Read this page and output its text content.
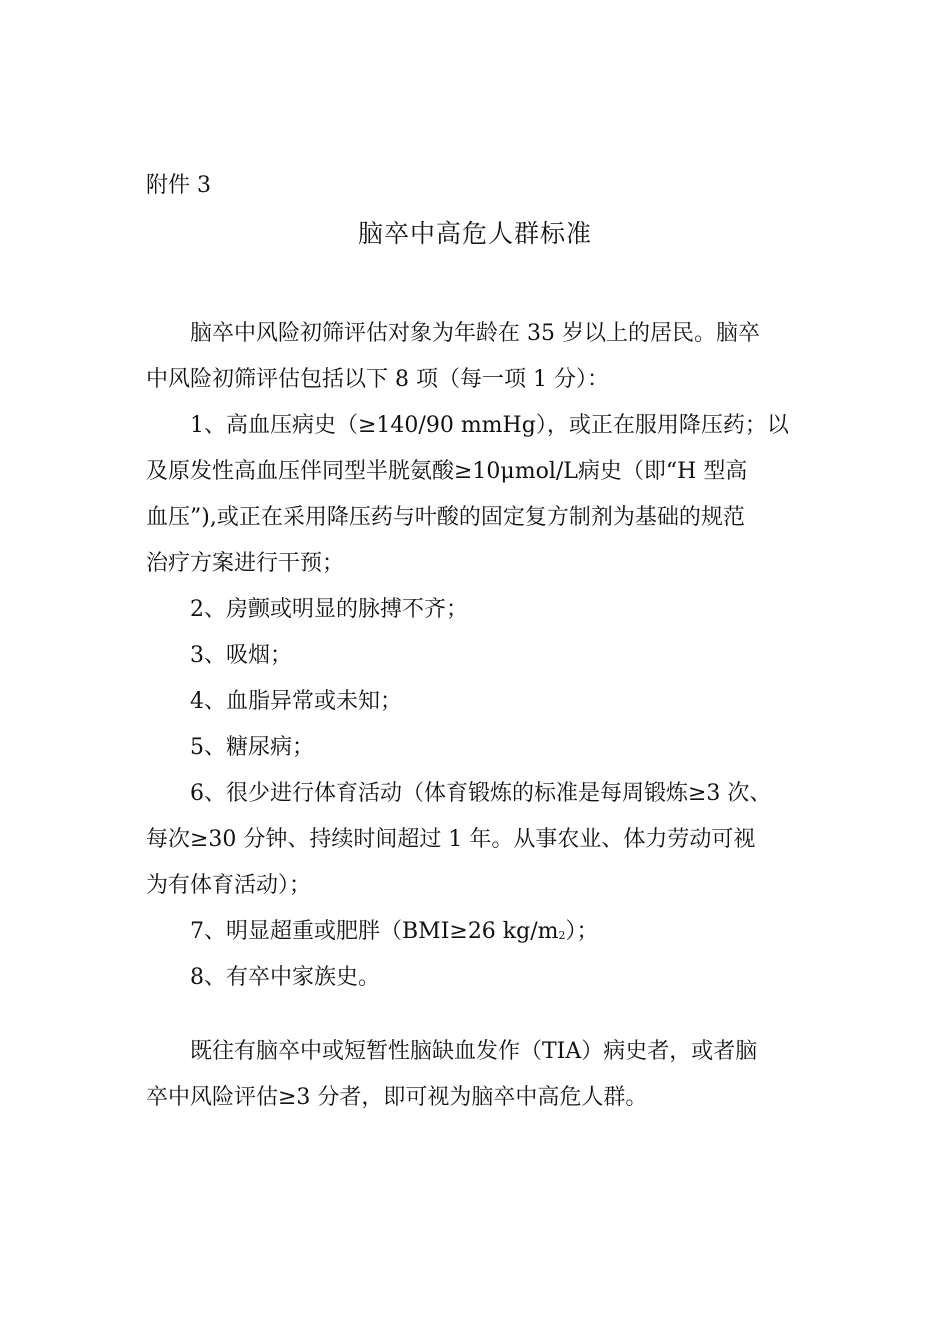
附件 3
脑卒中高危人群标准
脑卒中风险初筛评估对象为年龄在 35 岁以上的居民。脑卒
中风险初筛评估包括以下 8 项（每一项 1 分）：
1、高血压病史（≥140/90 mmHg），或正在服用降压药；以
及原发性高血压伴同型半胱氨酸≥10μmol/L病史（即“H 型高
血压”),或正在采用降压药与叶酸的固定复方制剂为基础的规范
治疗方案进行干预；
2、房颤或明显的脉搏不齐；
3、吸烟；
4、血脂异常或未知；
5、糖尿病；
6、很少进行体育活动（体育锻炼的标准是每周锻炼≥3 次、
每次≥30 分钟、持续时间超过 1 年。从事农业、体力劳动可视
为有体育活动）；
7、明显超重或肥胖（BMI≥26 $kg/m_2$）；
8、有卒中家族史。
既往有脑卒中或短暂性脑缺血发作（TIA）病史者，或者脑
卒中风险评估≥3 分者，即可视为脑卒中高危人群。
